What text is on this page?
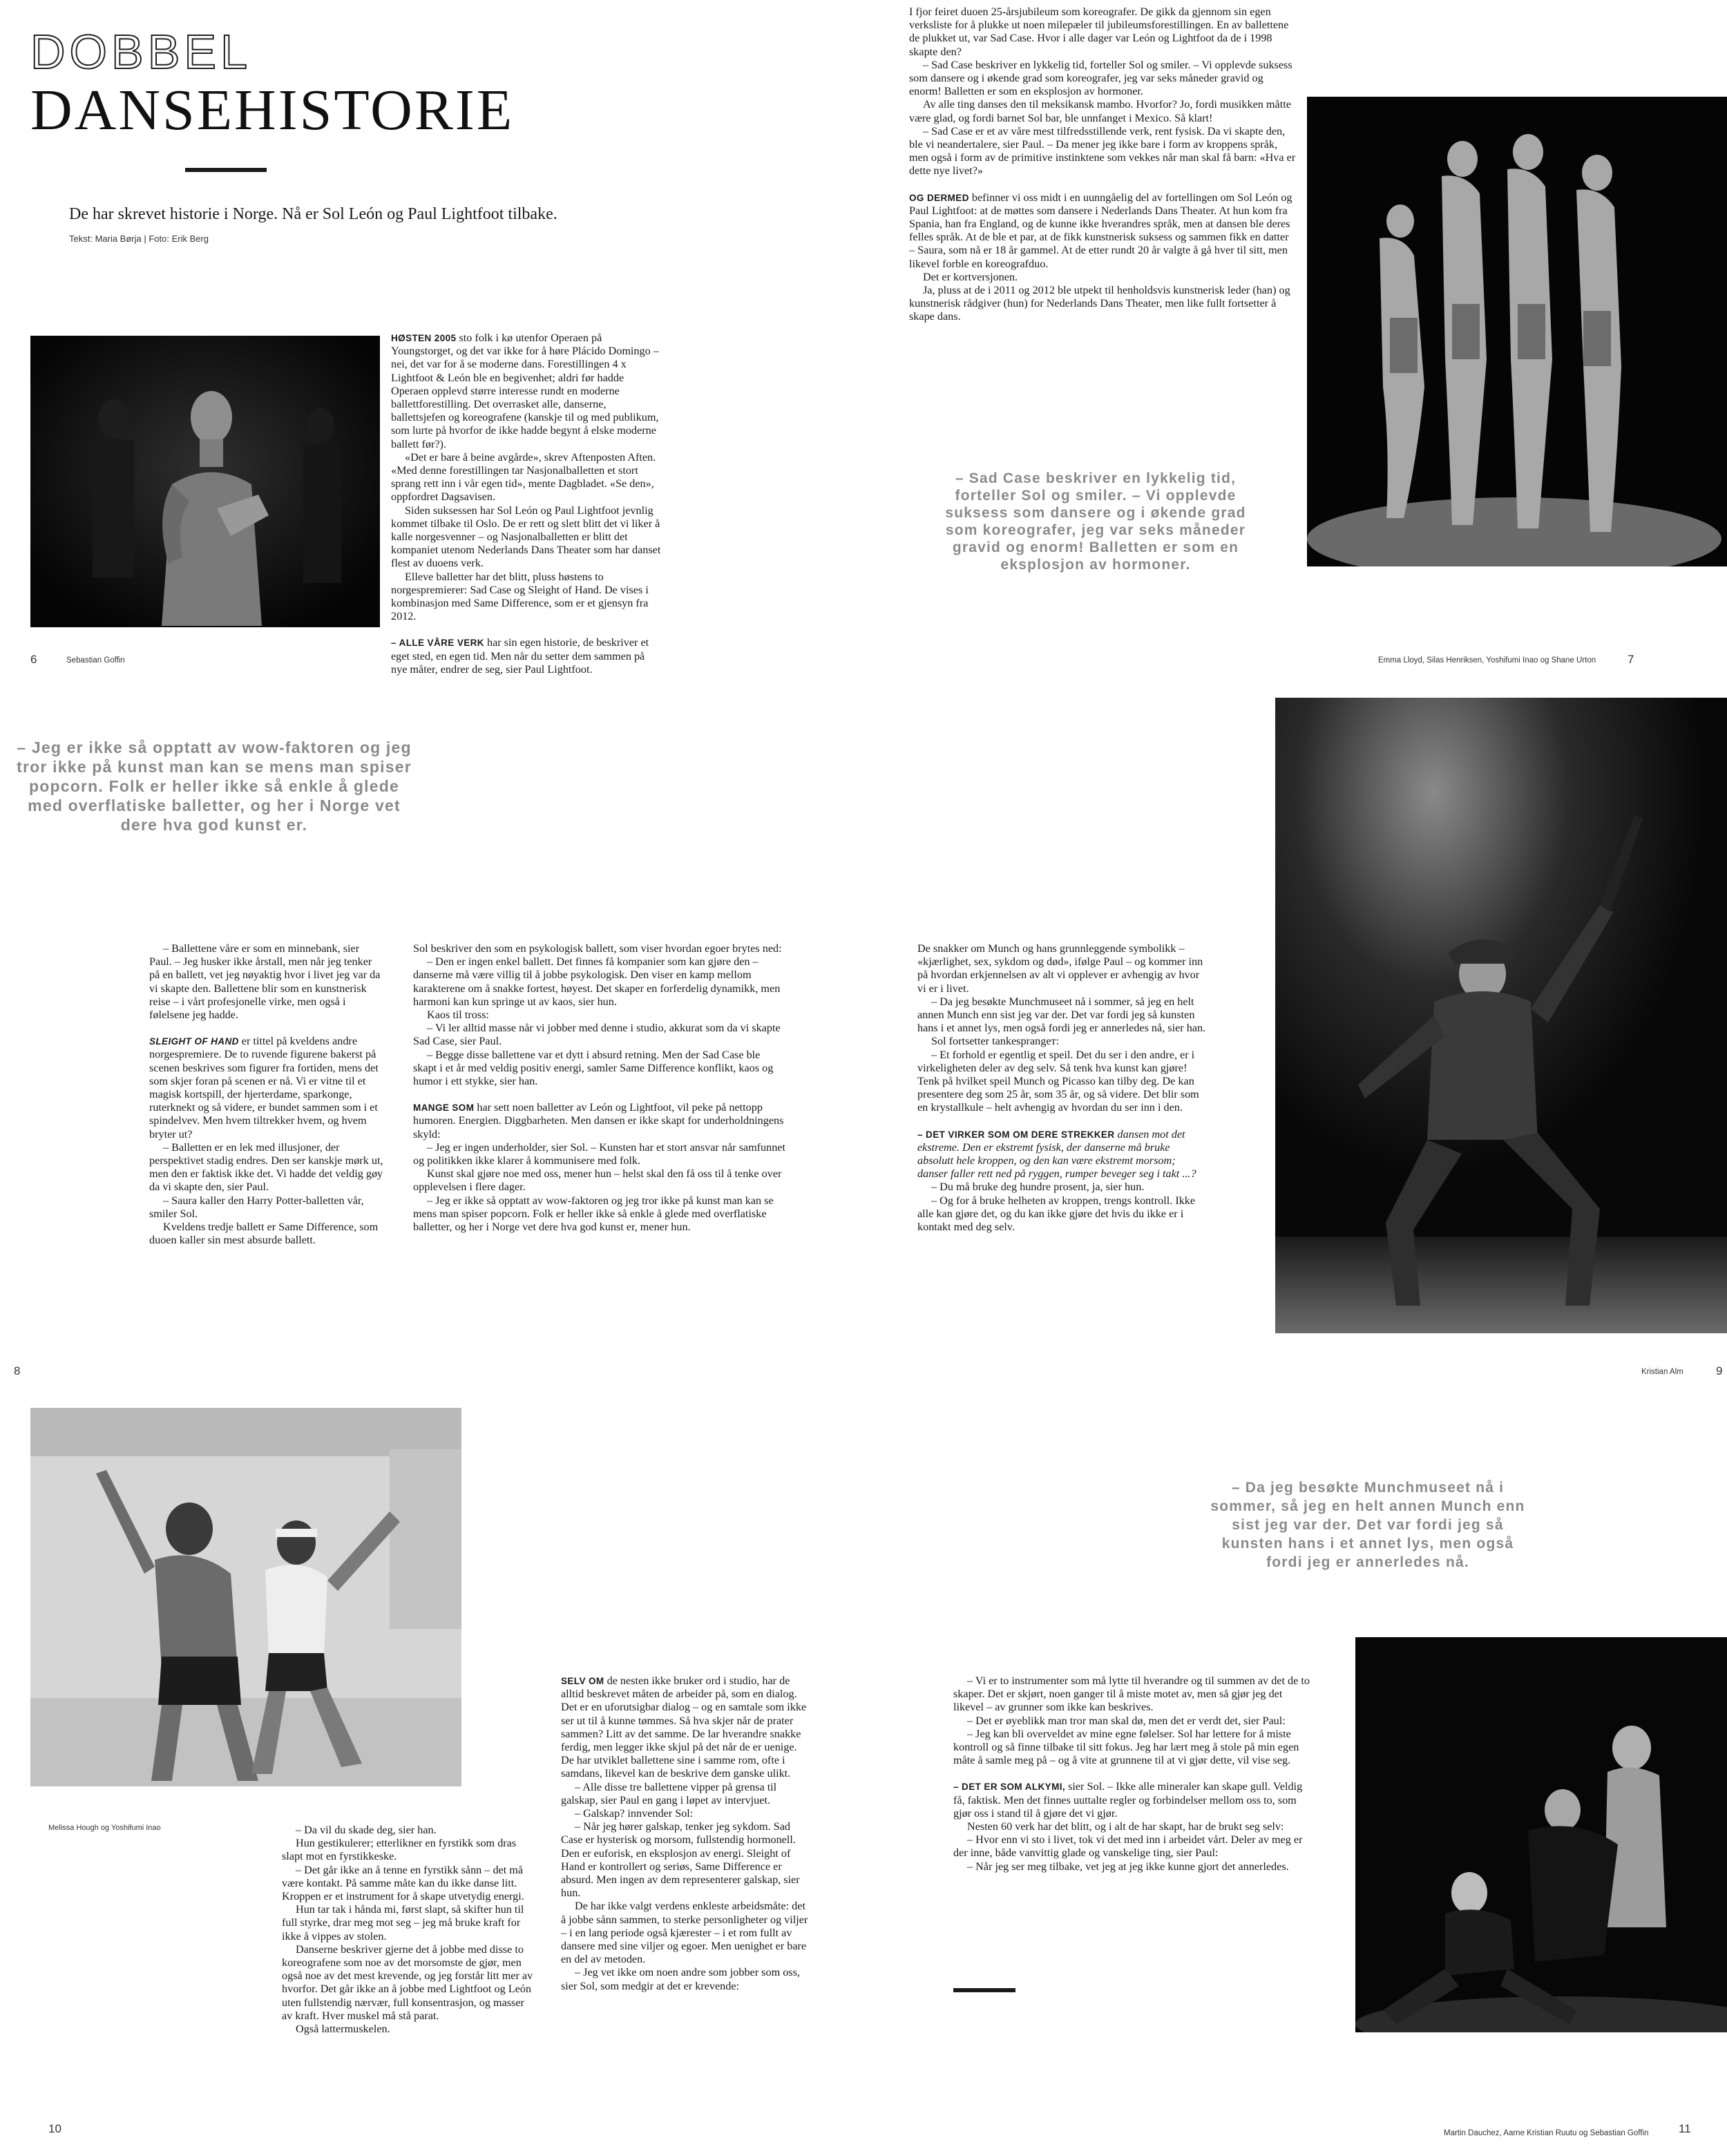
DOBBEL
DANSEHISTORIE
De har skrevet historie i Norge. Nå er Sol León og Paul Lightfoot tilbake.
Tekst: Maria Børja | Foto: Erik Berg

HØSTEN 2005 sto folk i kø utenfor Operaen på Youngstorget, og det var ikke for å høre Plácido Domingo – nei, det var for å se moderne dans. Forestillingen 4 x Lightfoot & León ble en begivenhet; aldri før hadde Operaen opplevd større interesse rundt en moderne ballettforestilling. Det overrasket alle, danserne, ballettsjefen og koreografene (kanskje til og med publikum, som lurte på hvorfor de ikke hadde begynt å elske moderne ballett før?).

«Det er bare å beine avgårde», skrev Aftenposten Aften. «Med denne forestillingen tar Nasjonalballetten et stort sprang rett inn i vår egen tid», mente Dagbladet. «Se den», oppfordret Dagsavisen.

Siden suksessen har Sol León og Paul Lightfoot jevnlig kommet tilbake til Oslo. De er rett og slett blitt det vi liker å kalle norgesvenner – og Nasjonalballetten er blitt det kompaniet utenom Nederlands Dans Theater som har danset flest av duoens verk.

Elleve balletter har det blitt, pluss høstens to norgespremierer: Sad Case og Sleight of Hand. De vises i kombinasjon med Same Difference, som er et gjensyn fra 2012.

– ALLE VÅRE VERK har sin egen historie, de beskriver et eget sted, en egen tid. Men når du setter dem sammen på nye måter, endrer de seg, sier Paul Lightfoot.

I fjor feiret duoen 25-årsjubileum som koreografer. De gikk da gjennom sin egen verksliste for å plukke ut noen milepæler til jubileumsforestillingen. En av ballettene de plukket ut, var Sad Case. Hvor i alle dager var León og Lightfoot da de i 1998 skapte den?

– Sad Case beskriver en lykkelig tid, forteller Sol og smiler. – Vi opplevde suksess som dansere og i økende grad som koreografer, jeg var seks måneder gravid og enorm! Balletten er som en eksplosjon av hormoner.

Av alle ting danses den til meksikansk mambo. Hvorfor? Jo, fordi musikken måtte være glad, og fordi barnet Sol bar, ble unnfanget i Mexico. Så klart!

– Sad Case er et av våre mest tilfredsstillende verk, rent fysisk. Da vi skapte den, ble vi neandertalere, sier Paul. – Da mener jeg ikke bare i form av kroppens språk, men også i form av de primitive instinktene som vekkes når man skal få barn: «Hva er dette nye livet?»

OG DERMED befinner vi oss midt i en uunngåelig del av fortellingen om Sol León og Paul Lightfoot: at de møttes som dansere i Nederlands Dans Theater. At hun kom fra Spania, han fra England, og de kunne ikke hverandres språk, men at dansen ble deres felles språk. At de ble et par, at de fikk kunstnerisk suksess og sammen fikk en datter – Saura, som nå er 18 år gammel. At de etter rundt 20 år valgte å gå hver til sitt, men likevel forble en koreografduo.

Det er kortversjonen.

Ja, pluss at de i 2011 og 2012 ble utpekt til henholdsvis kunstnerisk leder (han) og kunstnerisk rådgiver (hun) for Nederlands Dans Theater, men like fullt fortsetter å skape dans.

– Sad Case beskriver en lykkelig tid, forteller Sol og smiler. – Vi opplevde suksess som dansere og i økende grad som koreografer, jeg var seks måneder gravid og enorm! Balletten er som en eksplosjon av hormoner.
6	Sebastian Goffin	Emma Lloyd, Silas Henriksen, Yoshifumi Inao og Shane Urton	7
– Jeg er ikke så opptatt av wow-faktoren og jeg tror ikke på kunst man kan se mens man spiser popcorn. Folk er heller ikke så enkle å glede med overflatiske balletter, og her i Norge vet dere hva god kunst er.

– Ballettene våre er som en minnebank, sier Paul. – Jeg husker ikke årstall, men når jeg tenker på en ballett, vet jeg nøyaktig hvor i livet jeg var da vi skapte den. Ballettene blir som en kunstnerisk reise – i vårt profesjonelle virke, men også i følelsene jeg hadde.

SLEIGHT OF HAND er tittel på kveldens andre norgespremiere. De to ruvende figurene bakerst på scenen beskrives som figurer fra fortiden, mens det som skjer foran på scenen er nå. Vi er vitne til et magisk kortspill, der hjerterdame, sparkonge, ruterknekt og så videre, er bundet sammen som i et spindelvev. Men hvem tiltrekker hvem, og hvem bryter ut?

– Balletten er en lek med illusjoner, der perspektivet stadig endres. Den ser kanskje mørk ut, men den er faktisk ikke det. Vi hadde det veldig gøy da vi skapte den, sier Paul.

– Saura kaller den Harry Potter-balletten vår, smiler Sol.

Kveldens tredje ballett er Same Difference, som duoen kaller sin mest absurde ballett.

Sol beskriver den som en psykologisk ballett, som viser hvordan egoer brytes ned:

– Den er ingen enkel ballett. Det finnes få kompanier som kan gjøre den – danserne må være villig til å jobbe psykologisk. Den viser en kamp mellom karakterene om å snakke fortest, høyest. Det skaper en forferdelig dynamikk, men harmoni kan kun springe ut av kaos, sier hun.

Kaos til tross:

– Vi ler alltid masse når vi jobber med denne i studio, akkurat som da vi skapte Sad Case, sier Paul.

– Begge disse ballettene var et dytt i absurd retning. Men der Sad Case ble skapt i et år med veldig positiv energi, samler Same Difference konflikt, kaos og humor i ett stykke, sier han.

MANGE SOM har sett noen balletter av León og Lightfoot, vil peke på nettopp humoren. Energien. Diggbarheten. Men dansen er ikke skapt for underholdningens skyld:

– Jeg er ingen underholder, sier Sol. – Kunsten har et stort ansvar når samfunnet og politikken ikke klarer å kommunisere med folk.

Kunst skal gjøre noe med oss, mener hun – helst skal den få oss til å tenke over opplevelsen i flere dager.

– Jeg er ikke så opptatt av wow-faktoren og jeg tror ikke på kunst man kan se mens man spiser popcorn. Folk er heller ikke så enkle å glede med overflatiske balletter, og her i Norge vet dere hva god kunst er, mener hun.

De snakker om Munch og hans grunnleggende symbolikk – «kjærlighet, sex, sykdom og død», ifølge Paul – og kommer inn på hvordan erkjennelsen av alt vi opplever er avhengig av hvor vi er i livet.

– Da jeg besøkte Munchmuseet nå i sommer, så jeg en helt annen Munch enn sist jeg var der. Det var fordi jeg så kunsten hans i et annet lys, men også fordi jeg er annerledes nå, sier han.

Sol fortsetter tankesprangет:

– Et forhold er egentlig et speil. Det du ser i den andre, er i virkeligheten deler av deg selv. Så tenk hva kunst kan gjøre! Tenk på hvilket speil Munch og Picasso kan tilby deg. De kan presentere deg som 25 år, som 35 år, og så videre. Det blir som en krystallkule – helt avhengig av hvordan du ser inn i den.

– DET VIRKER SOM OM DERE STREKKER dansen mot det ekstreme. Den er ekstremt fysisk, der danserne må bruke absolutt hele kroppen, og den kan være ekstremt morsom; danser faller rett ned på ryggen, rumper beveger seg i takt ...?

– Du må bruke deg hundre prosent, ja, sier hun.

– Og for å bruke helheten av kroppen, trengs kontroll. Ikke alle kan gjøre det, og du kan ikke gjøre det hvis du ikke er i kontakt med deg selv.

8	Kristian Alm	9
Melissa Hough og Yoshifumi Inao	– Da vil du skade deg, sier han.

Hun gestikulerer; etterlikner en fyrstikk som dras slapt mot en fyrstikkeske.

– Det går ikke an å tenne en fyrstikk sånn – det må være kontakt. På samme måte kan du ikke danse litt. Kroppen er et instrument for å skape utvetydig energi.

Hun tar tak i hånda mi, først slapt, så skifter hun til full styrke, drar meg mot seg – jeg må bruke kraft for ikke å vippes av stolen.

Danserne beskriver gjerne det å jobbe med disse to koreografene som noe av det morsomste de gjør, men også noe av det mest krevende, og jeg forstår litt mer av hvorfor. Det går ikke an å jobbe med Lightfoot og León uten fullstendig nærvær, full konsentrasjon, og masser av kraft. Hver muskel må stå parat.

Også lattermuskelen.

SELV OM de nesten ikke bruker ord i studio, har de alltid beskrevet måten de arbeider på, som en dialog. Det er en uforutsigbar dialog – og en samtale som ikke ser ut til å kunne tømmes. Så hva skjer når de prater sammen? Litt av det samme. De lar hverandre snakke ferdig, men legger ikke skjul på det når de er uenige. De har utviklet ballettene sine i samme rom, ofte i samdans, likevel kan de beskrive dem ganske ulikt.

– Alle disse tre ballettene vipper på grensa til galskap, sier Paul en gang i løpet av intervjuet.

– Galskap? innvender Sol:

– Når jeg hører galskap, tenker jeg sykdom. Sad Case er hysterisk og morsom, fullstendig hormonell. Den er euforisk, en eksplosjon av energi. Sleight of Hand er kontrollert og seriøs, Same Difference er absurd. Men ingen av dem representerer galskap, sier hun.

De har ikke valgt verdens enkleste arbeidsmåte: det å jobbe sånn sammen, to sterke personligheter og viljer – i en lang periode også kjærester – i et rom fullt av dansere med sine viljer og egoer. Men uenighet er bare en del av metoden.

– Jeg vet ikke om noen andre som jobber som oss, sier Sol, som medgir at det er krevende:

– Da jeg besøkte Munchmuseet nå i sommer, så jeg en helt annen Munch enn sist jeg var der. Det var fordi jeg så kunsten hans i et annet lys, men også fordi jeg er annerledes nå.

– Vi er to instrumenter som må lytte til hverandre og til summen av det de to skaper. Det er skjørt, noen ganger til å miste motet av, men så gjør jeg det likevel – av grunner som ikke kan beskrives.

– Det er øyeblikk man tror man skal dø, men det er verdt det, sier Paul:

– Jeg kan bli overveldet av mine egne følelser. Sol har lettere for å miste kontroll og så finne tilbake til sitt fokus. Jeg har lært meg å stole på min egen måte å samle meg på – og å vite at grunnene til at vi gjør dette, vil vise seg.

– DET ER SOM ALKYMI, sier Sol. – Ikke alle mineraler kan skape gull. Veldig få, faktisk. Men det finnes uuttalte regler og forbindelser mellom oss to, som gjør oss i stand til å gjøre det vi gjør.

Nesten 60 verk har det blitt, og i alt de har skapt, har de brukt seg selv:

– Hvor enn vi sto i livet, tok vi det med inn i arbeidet vårt. Deler av meg er der inne, både vanvittig glade og vanskelige ting, sier Paul:

– Når jeg ser meg tilbake, vet jeg at jeg ikke kunne gjort det annerledes.

10	Martin Dauchez, Aarne Kristian Ruutu og Sebastian Goffin	11
